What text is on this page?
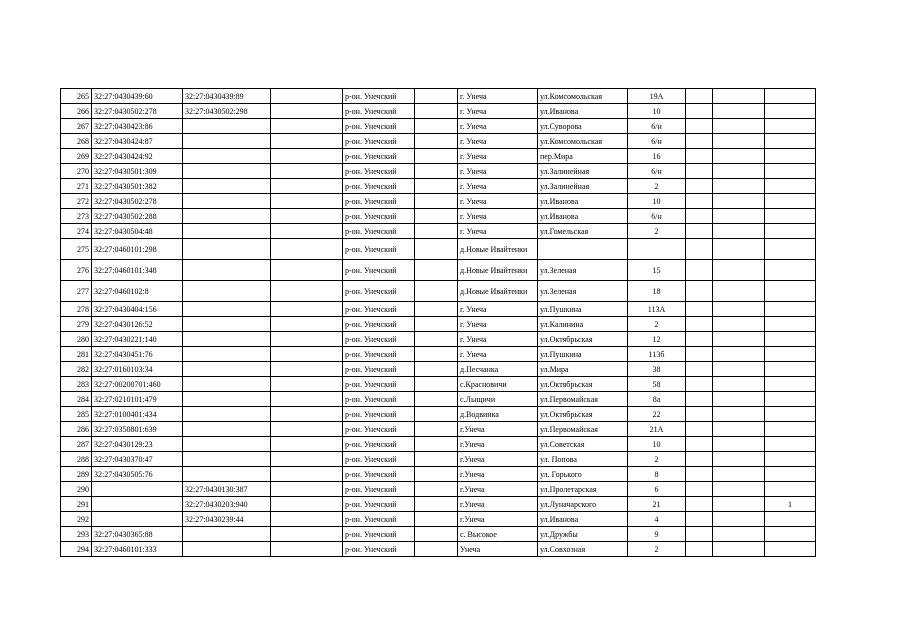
265	32:27:0430439:60	32:27:0430439:89		р-он. Унечский		г. Унеча	ул.Комсомольская	19А			
266	32:27:0430502:278	32:27:0430502:298		р-он. Унечский		г. Унеча	ул.Иванова	10			
267	32:27:0430423:86			р-он. Унечский		г. Унеча	ул.Суворова	6/н			
268	32:27:0430424:87			р-он. Унечский		г. Унеча	ул.Комсомольская	6/н			
269	32:27:0430424:92			р-он. Унечский		г. Унеча	пер.Мира	16			
270	32:27:0430501:309			р-он. Унечский		г. Унеча	ул.Залинейная	6/н			
271	32:27:0430501:382			р-он. Унечский		г. Унеча	ул.Залинейная	2			
272	32:27:0430502:278			р-он. Унечский		г. Унеча	ул.Иванова	10			
273	32:27:0430502:288			р-он. Унечский		г. Унеча	ул.Иванова	6/н			
274	32:27:0430504:48			р-он. Унечский		г. Унеча	ул.Гомельская	2			
275	32:27:0460101:298			р-он. Унечский		д.Новые Ивайтенки					
276	32:27:0460101:348			р-он. Унечский		д.Новые Ивайтенки	ул.Зеленая	15			
277	32:27:0460102:8			р-он. Унечский		д.Новые Ивайтенки	ул.Зеленая	18			
278	32:27:0430404:156			р-он. Унечский		г. Унеча	ул.Пушкина	113А			
279	32:27:0430126:52			р-он. Унечский		г. Унеча	ул.Калинина	2			
280	32:27:0430221:140			р-он. Унечский		г. Унеча	ул.Октябрьская	12			
281	32:27:0430451:76			р-он. Унечский		г. Унеча	ул.Пушкина	113б			
282	32:27:0160103:34			р-он. Унечский		д.Песчанка	ул.Мира	38			
283	32:27:00200701:460			р-он. Унечский		с.Красновичи	ул.Октябрьская	58			
284	32:27:0210101:479			р-он. Унечский		с.Лыщичи	ул.Первомайская	8а			
285	32:27:0100401:434			р-он. Унечский		д.Водвинка	ул.Октябрьская	22			
286	32:27:0350801:639			р-он. Унечский		г.Унеча	ул.Первомайская	21А			
287	32:27:0430129:23			р-он. Унечский		г.Унеча	ул.Советская	10			
288	32:27:0430370:47			р-он. Унечский		г.Унеча	ул. Попова	2			
289	32:27:0430505:76			р-он. Унечский		г.Унеча	ул. Горького	8			
290		32:27:0430130:387		р-он. Унечский		г.Унеча	ул.Пролетарская	6			
291		32:27:0430203:940		р-он. Унечский		г.Унеча	ул.Луначарского	21			1
292		32:27:0430239:44		р-он. Унечский		г.Унеча	ул.Иванова	4			
293	32:27:0430365:88			р-он. Унечский		с. Высокое	ул.Дружбы	9			
294	32:27:0460101:333			р-он. Унечский		Унеча	ул.Совхозная	2			
